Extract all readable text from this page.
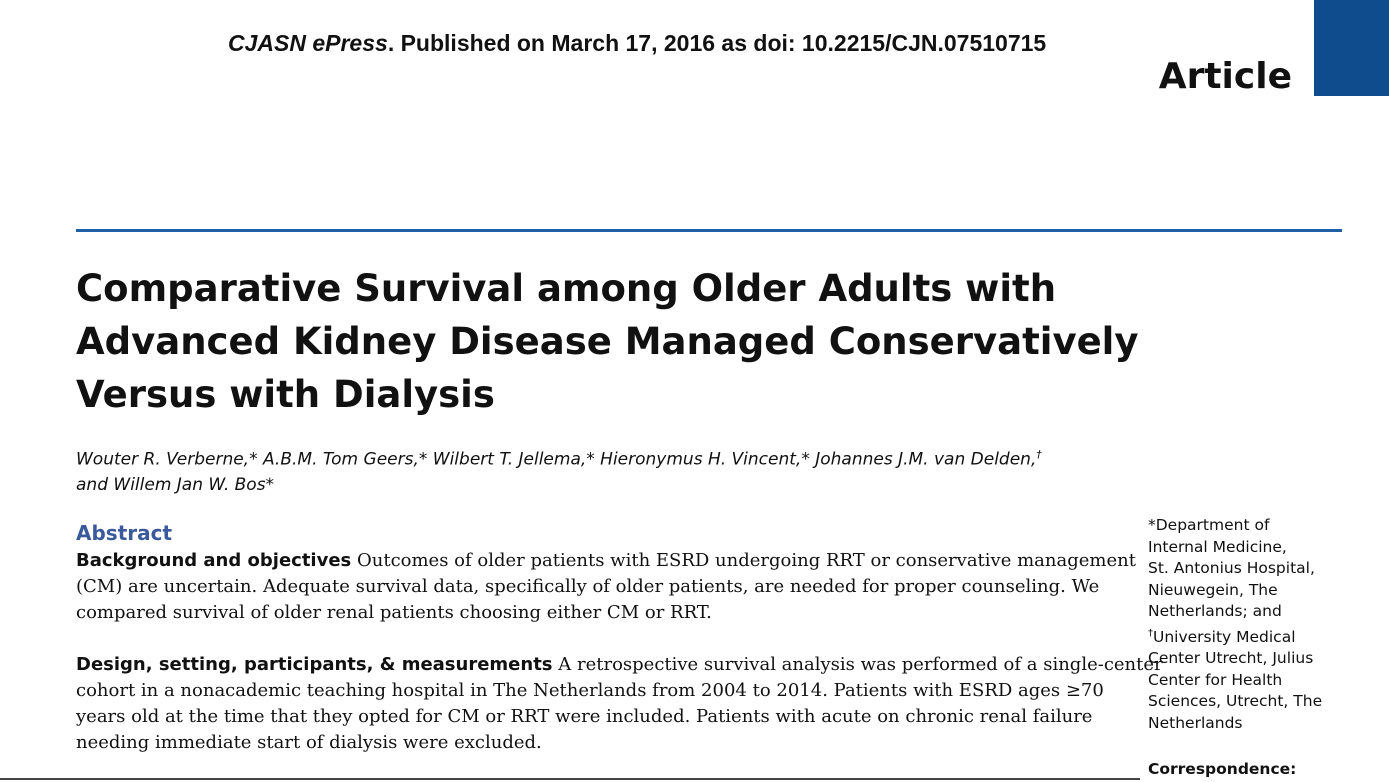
CJASN ePress. Published on March 17, 2016 as doi: 10.2215/CJN.07510715
Article
Comparative Survival among Older Adults with
Advanced Kidney Disease Managed Conservatively
Versus with Dialysis
Wouter R. Verberne,* A.B.M. Tom Geers,* Wilbert T. Jellema,* Hieronymus H. Vincent,* Johannes J.M. van Delden,†
and Willem Jan W. Bos*
Abstract
Background and objectives Outcomes of older patients with ESRD undergoing RRT or conservative management
(CM) are uncertain. Adequate survival data, specifically of older patients, are needed for proper counseling. We
compared survival of older renal patients choosing either CM or RRT.
Design, setting, participants, & measurements A retrospective survival analysis was performed of a single-center
cohort in a nonacademic teaching hospital in The Netherlands from 2004 to 2014. Patients with ESRD ages ≥70
years old at the time that they opted for CM or RRT were included. Patients with acute on chronic renal failure
needing immediate start of dialysis were excluded.
*Department of
Internal Medicine,
St. Antonius Hospital,
Nieuwegein, The
Netherlands; and
†University Medical
Center Utrecht, Julius
Center for Health
Sciences, Utrecht, The
Netherlands
Correspondence:
